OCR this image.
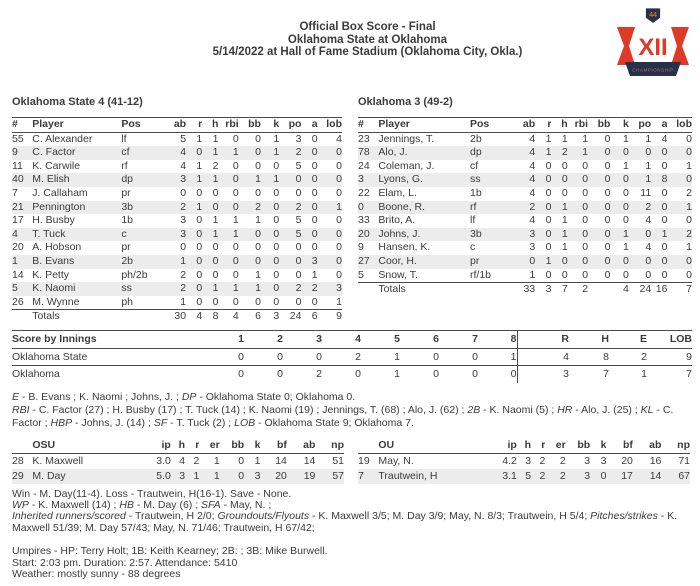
Official Box Score - Final
Oklahoma State at Oklahoma
5/14/2022 at Hall of Fame Stadium (Oklahoma City, Okla.)	XII
CHAMPIONSHIP
44
Oklahoma State 4 (41-12)
#	Player	Pos	ab	r	h	rbi	bb	k	po	a	lob
55	C. Alexander	lf	5	1	1	0	0	1	3	0	4
9	C. Factor	cf	4	0	1	1	0	1	2	0	0
11	K. Carwile	rf	4	1	2	0	0	0	5	0	0
40	M. Elish	dp	3	1	1	0	1	1	0	0	0
7	J. Callaham	pr	0	0	0	0	0	0	0	0	0
21	Pennington	3b	2	1	0	0	2	0	2	0	1
17	H. Busby	1b	3	0	1	1	1	0	5	0	0
4	T. Tuck	c	3	0	1	1	0	0	5	0	0
20	A. Hobson	pr	0	0	0	0	0	0	0	0	0
1	B. Evans	2b	1	0	0	0	0	0	0	3	0
14	K. Petty	ph/2b	2	0	0	0	1	0	0	1	0
5	K. Naomi	ss	2	0	1	1	1	0	2	2	3
26	M. Wynne	ph	1	0	0	0	0	0	0	0	1
	Totals		30	4	8	4	6	3	24	6	9
Oklahoma 3 (49-2)
#	Player	Pos	ab	r	h	rbi	bb	k	po	a	lob
23	Jennings, T.	2b	4	1	1	1	0	1	1	4	0
78	Alo, J.	dp	4	1	2	1	0	0	0	0	0
24	Coleman, J.	cf	4	0	0	0	0	1	1	0	1
3	Lyons, G.	ss	4	0	0	0	0	0	1	8	0
22	Elam, L.	1b	4	0	0	0	0	0	11	0	2
0	Boone, R.	rf	2	0	1	0	0	0	2	0	1
33	Brito, A.	lf	4	0	1	0	0	0	4	0	0
20	Johns, J.	3b	3	0	1	0	0	1	0	1	2
9	Hansen, K.	c	3	0	1	0	0	1	4	0	1
27	Coor, H.	pr	0	1	0	0	0	0	0	0	0
5	Snow, T.	rf/1b	1	0	0	0	0	0	0	0	0
	Totals		33	3	7	2		4	24	16	7
Score by Innings	1	2	3	4	5	6	7	8	R	H	E	LOB
Oklahoma State	0	0	0	2	1	0	0	1	4	8	2	9
Oklahoma	0	0	2	0	1	0	0	0	3	7	1	7
E - B. Evans ; K. Naomi ; Johns, J. ; DP - Oklahoma State 0; Oklahoma 0.
RBI - C. Factor (27) ; H. Busby (17) ; T. Tuck (14) ; K. Naomi (19) ; Jennings, T. (68) ; Alo, J. (62) ; 2B - K. Naomi (5) ; HR - Alo, J. (25) ; KL - C. Factor ; HBP - Johns, J. (14) ; SF - T. Tuck (2) ; LOB - Oklahoma State 9; Oklahoma 7.
	OSU	ip	h	r	er	bb	k	bf	ab	np
28	K. Maxwell	3.0	4	2	1	0	1	14	14	51
29	M. Day	5.0	3	1	1	0	3	20	19	57
	OU	ip	h	r	er	bb	k	bf	ab	np
19	May, N.	4.2	3	2	2	3	3	20	16	71
7	Trautwein, H	3.1	5	2	2	3	0	17	14	67
Win - M. Day(11-4). Loss - Trautwein, H(16-1). Save - None.
WP - K. Maxwell (14) ; HB - M. Day (6) ; SFA - May, N. ;
Inherited runners/scored - Trautwein, H 2/0; Groundouts/Flyouts - K. Maxwell 3/5; M. Day 3/9; May, N. 8/3; Trautwein, H 5/4; Pitches/strikes - K. Maxwell 51/39; M. Day 57/43; May, N. 71/46; Trautwein, H 67/42;
Umpires - HP: Terry Holt; 1B: Keith Kearney; 2B: ; 3B: Mike Burwell.
Start: 2:03 pm. Duration: 2:57. Attendance: 5410
Weather: mostly sunny - 88 degrees
